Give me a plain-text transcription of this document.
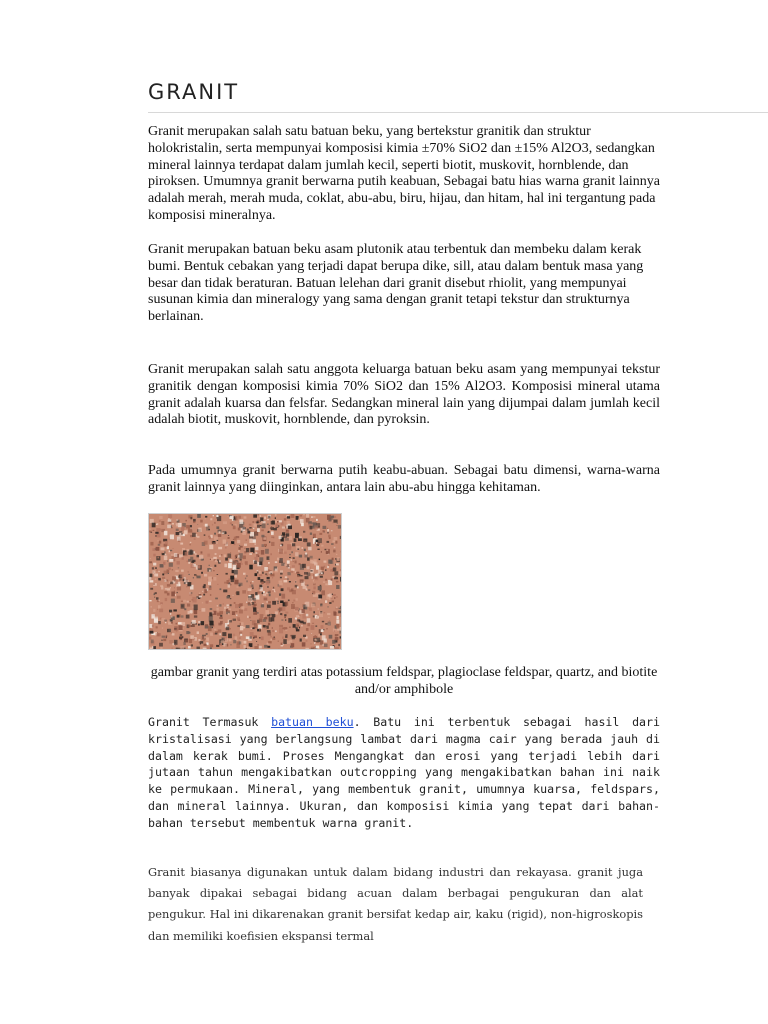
GRANIT

Granit merupakan salah satu batuan beku, yang bertekstur granitik dan struktur holokristalin, serta mempunyai komposisi kimia ±70% SiO2 dan ±15% Al2O3, sedangkan mineral lainnya terdapat dalam jumlah kecil, seperti biotit, muskovit, hornblende, dan piroksen. Umumnya granit berwarna putih keabuan, Sebagai batu hias warna granit lainnya adalah merah, merah muda, coklat, abu-abu, biru, hijau, dan hitam, hal ini tergantung pada komposisi mineralnya.

Granit merupakan batuan beku asam plutonik atau terbentuk dan membeku dalam kerak bumi. Bentuk cebakan yang terjadi dapat berupa dike, sill, atau dalam bentuk masa yang besar dan tidak beraturan. Batuan lelehan dari granit disebut rhiolit, yang mempunyai susunan kimia dan mineralogy yang sama dengan granit tetapi tekstur dan strukturnya berlainan.

Granit merupakan salah satu anggota keluarga batuan beku asam yang mempunyai tekstur granitik dengan komposisi kimia 70% SiO2 dan 15% Al2O3. Komposisi mineral utama granit adalah kuarsa dan felsfar. Sedangkan mineral lain yang dijumpai dalam jumlah kecil adalah biotit, muskovit, hornblende, dan pyroksin.

Pada umumnya granit berwarna putih keabu-abuan. Sebagai batu dimensi, warna-warna granit lainnya yang diinginkan, antara lain abu-abu hingga kehitaman.

gambar granit yang terdiri atas potassium feldspar, plagioclase feldspar, quartz, and biotite and/or amphibole

Granit Termasuk batuan beku. Batu ini terbentuk sebagai hasil dari kristalisasi yang berlangsung lambat dari magma cair yang berada jauh di dalam kerak bumi. Proses Mengangkat dan erosi yang terjadi lebih dari jutaan tahun mengakibatkan outcropping yang mengakibatkan bahan ini naik ke permukaan. Mineral, yang membentuk granit, umumnya kuarsa, feldspars, dan mineral lainnya. Ukuran, dan komposisi kimia yang tepat dari bahan-bahan tersebut membentuk warna granit.

Granit biasanya digunakan untuk dalam bidang industri dan rekayasa. granit juga banyak dipakai sebagai bidang acuan dalam berbagai pengukuran dan alat pengukur. Hal ini dikarenakan granit bersifat kedap air, kaku (rigid), non-higroskopis dan memiliki koefisien ekspansi termal
